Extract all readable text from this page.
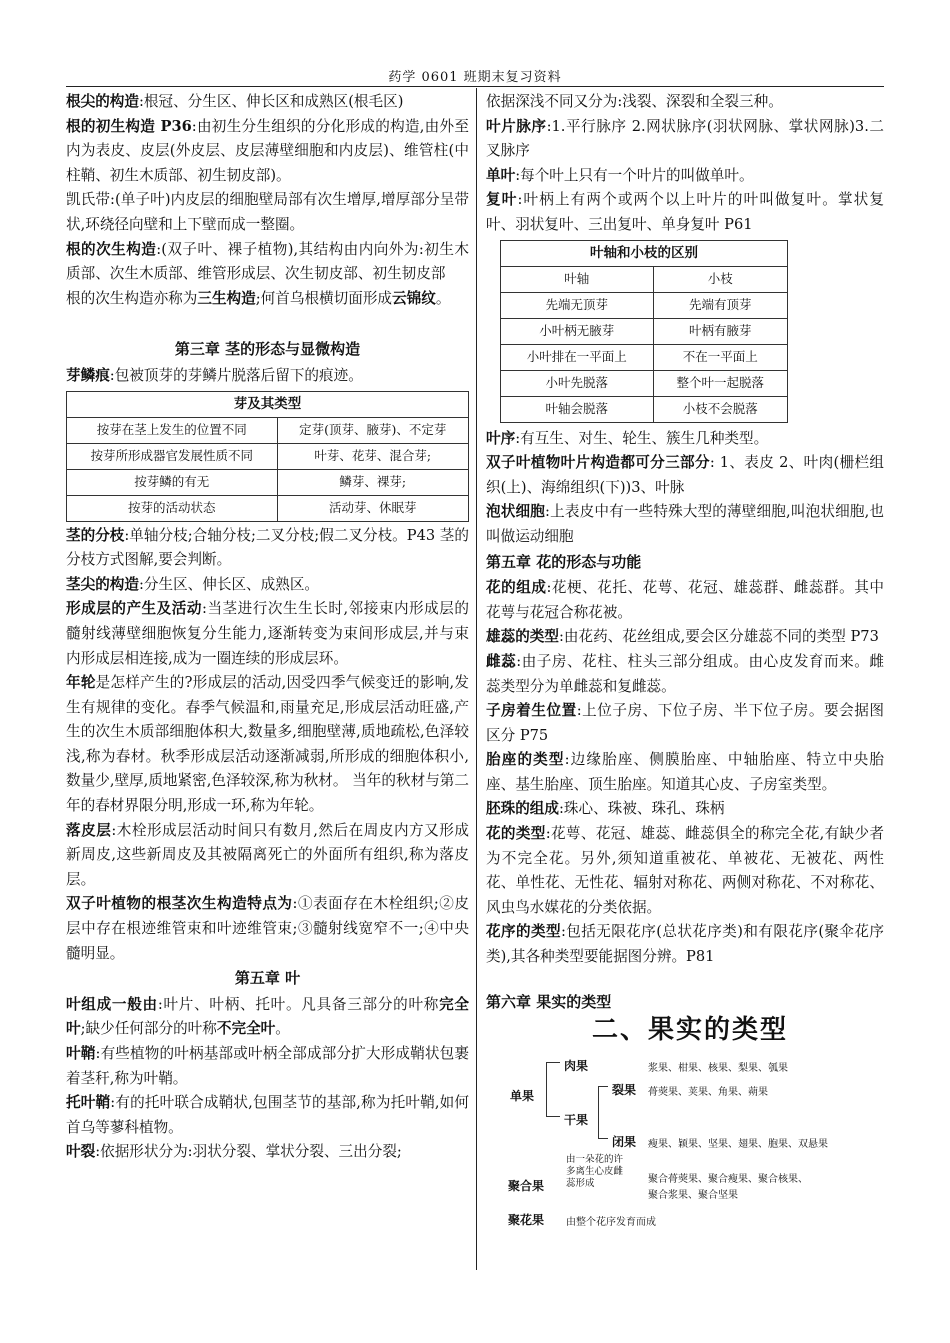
药学 0601 班期末复习资料

根尖的构造:根冠、分生区、伸长区和成熟区(根毛区)

根的初生构造 P36:由初生分生组织的分化形成的构造,由外至内为表皮、皮层(外皮层、皮层薄壁细胞和内皮层)、维管柱(中柱鞘、初生木质部、初生韧皮部)。

凯氏带:(单子叶)内皮层的细胞壁局部有次生增厚,增厚部分呈带状,环绕径向壁和上下壁而成一整圈。

根的次生构造:(双子叶、裸子植物),其结构由内向外为:初生木质部、次生木质部、维管形成层、次生韧皮部、初生韧皮部

根的次生构造亦称为三生构造;何首乌根横切面形成云锦纹。

第三章 茎的形态与显微构造

芽鳞痕:包被顶芽的芽鳞片脱落后留下的痕迹。

芽及其类型	
按芽在茎上发生的位置不同	定芽(顶芽、腋芽)、不定芽
按芽所形成器官发展性质不同	叶芽、花芽、混合芽;
按芽鳞的有无	鳞芽、裸芽;
按芽的活动状态	活动芽、休眠芽

茎的分枝:单轴分枝;合轴分枝;二叉分枝;假二叉分枝。P43 茎的分枝方式图解,要会判断。

茎尖的构造:分生区、伸长区、成熟区。

形成层的产生及活动:当茎进行次生生长时,邻接束内形成层的髓射线薄壁细胞恢复分生能力,逐渐转变为束间形成层,并与束内形成层相连接,成为一圈连续的形成层环。

年轮是怎样产生的?形成层的活动,因受四季气候变迁的影响,发生有规律的变化。春季气候温和,雨量充足,形成层活动旺盛,产生的次生木质部细胞体积大,数量多,细胞壁薄,质地疏松,色泽较浅,称为春材。秋季形成层活动逐渐减弱,所形成的细胞体积小,数量少,壁厚,质地紧密,色泽较深,称为秋材。 当年的秋材与第二年的春材界限分明,形成一环,称为年轮。

落皮层:木栓形成层活动时间只有数月,然后在周皮内方又形成新周皮,这些新周皮及其被隔离死亡的外面所有组织,称为落皮层。

双子叶植物的根茎次生构造特点为:①表面存在木栓组织;②皮层中存在根迹维管束和叶迹维管束;③髓射线宽窄不一;④中央髓明显。

第五章 叶

叶组成一般由:叶片、叶柄、托叶。凡具备三部分的叶称完全叶;缺少任何部分的叶称不完全叶。

叶鞘:有些植物的叶柄基部或叶柄全部成部分扩大形成鞘状包裹着茎秆,称为叶鞘。

托叶鞘:有的托叶联合成鞘状,包围茎节的基部,称为托叶鞘,如何首乌等蓼科植物。

叶裂:依据形状分为:羽状分裂、掌状分裂、三出分裂;

依据深浅不同又分为:浅裂、深裂和全裂三种。

叶片脉序:1.平行脉序 2.网状脉序(羽状网脉、掌状网脉)3.二叉脉序

单叶:每个叶上只有一个叶片的叫做单叶。

复叶:叶柄上有两个或两个以上叶片的叶叫做复叶。掌状复叶、羽状复叶、三出复叶、单身复叶 P61

叶轴和小枝的区别	
叶轴	小枝
先端无顶芽	先端有顶芽
小叶柄无腋芽	叶柄有腋芽
小叶排在一平面上	不在一平面上
小叶先脱落	整个叶一起脱落
叶轴会脱落	小枝不会脱落

叶序:有互生、对生、轮生、簇生几种类型。

双子叶植物叶片构造都可分三部分: 1、表皮 2、叶肉(栅栏组织(上)、海绵组织(下))3、叶脉

泡状细胞:上表皮中有一些特殊大型的薄壁细胞,叫泡状细胞,也叫做运动细胞

第五章 花的形态与功能

花的组成:花梗、花托、花萼、花冠、雄蕊群、雌蕊群。其中花萼与花冠合称花被。

雄蕊的类型:由花药、花丝组成,要会区分雄蕊不同的类型 P73

雌蕊:由子房、花柱、柱头三部分组成。由心皮发育而来。雌蕊类型分为单雌蕊和复雌蕊。

子房着生位置:上位子房、下位子房、半下位子房。要会据图区分 P75

胎座的类型:边缘胎座、侧膜胎座、中轴胎座、特立中央胎座、基生胎座、顶生胎座。知道其心皮、子房室类型。

胚珠的组成:珠心、珠被、珠孔、珠柄

花的类型:花萼、花冠、雄蕊、雌蕊俱全的称完全花,有缺少者为不完全花。另外,须知道重被花、单被花、无被花、两性花、单性花、无性花、辐射对称花、两侧对称花、不对称花、风虫鸟水媒花的分类依据。

花序的类型:包括无限花序(总状花序类)和有限花序(聚伞花序类),其各种类型要能据图分辨。P81

第六章 果实的类型
二、果实的类型
单果
肉果	浆果、柑果、核果、梨果、瓠果
干果
裂果 蓇葖果、荚果、角果、蒴果
闭果 瘦果、颖果、坚果、翅果、胞果、双悬果
聚合果
由一朵花的许多离生心皮雌蕊形成	聚合蓇葖果、聚合瘦果、聚合核果、
聚合浆果、聚合坚果
聚花果 由整个花序发育而成
